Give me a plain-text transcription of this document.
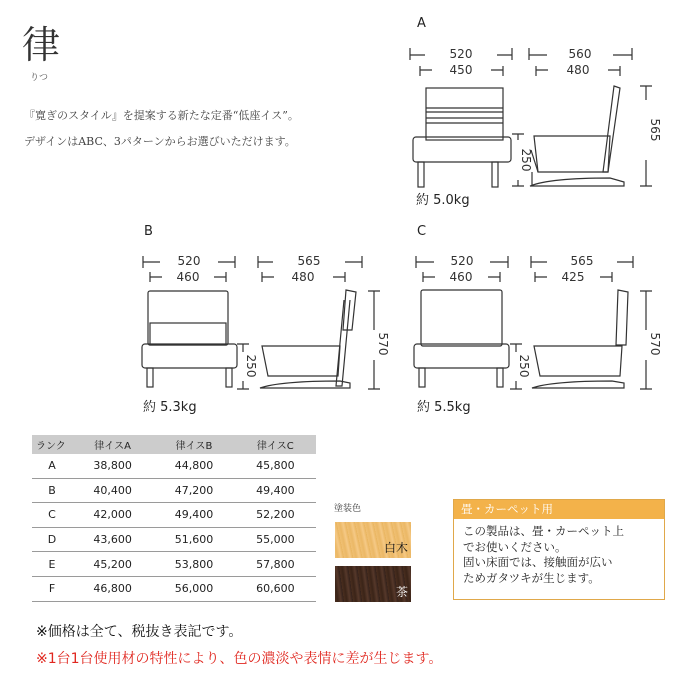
律
りつ
『寛ぎのスタイル』を提案する新たな定番“低座イス”。
デザインはABC、3パターンからお選びいただけます。
A
B	C
520
450
560
480
565
250
520
460
565
480
570
250
520
460
565
425
570
250
約 5.0kg
約 5.3kg	約 5.5kg
ランク	律イスA	律イスB	律イスC
A	38,800	44,800	45,800
B	40,400	47,200	49,400
C	42,000	49,400	52,200
D	43,600	51,600	55,000
E	45,200	53,800	57,800
F	46,800	56,000	60,600
塗装色
白木
茶
畳・カーペット用
この製品は、畳・カーペット上
でお使いください。
固い床面では、接触面が広い
ためガタツキが生じます。
※価格は全て、税抜き表記です。
※1台1台使用材の特性により、色の濃淡や表情に差が生じます。
